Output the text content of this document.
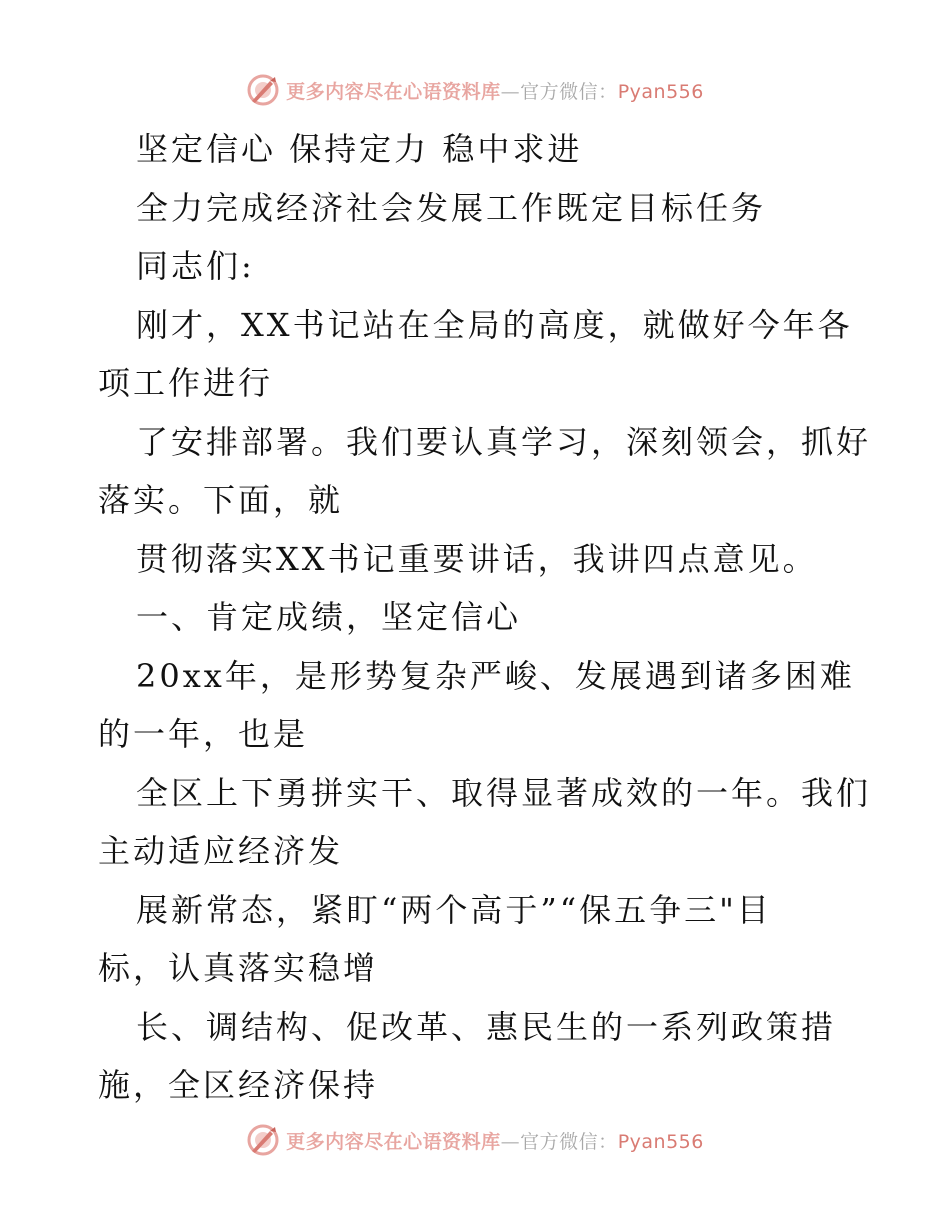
更多内容尽在心语资料库—官方微信：Pyan556
坚定信心 保持定力 稳中求进
全力完成经济社会发展工作既定目标任务
同志们:
刚才，XX书记站在全局的高度，就做好今年各
项工作进行
了安排部署。我们要认真学习，深刻领会，抓好
落实。下面，就
贯彻落实XX书记重要讲话，我讲四点意见。
一、肯定成绩，坚定信心
20xx年，是形势复杂严峻、发展遇到诸多困难
的一年，也是
全区上下勇拼实干、取得显著成效的一年。我们
主动适应经济发
展新常态，紧盯“两个高于”“保五争三"目
标，认真落实稳增
长、调结构、促改革、惠民生的一系列政策措
施，全区经济保持
更多内容尽在心语资料库—官方微信：Pyan556
